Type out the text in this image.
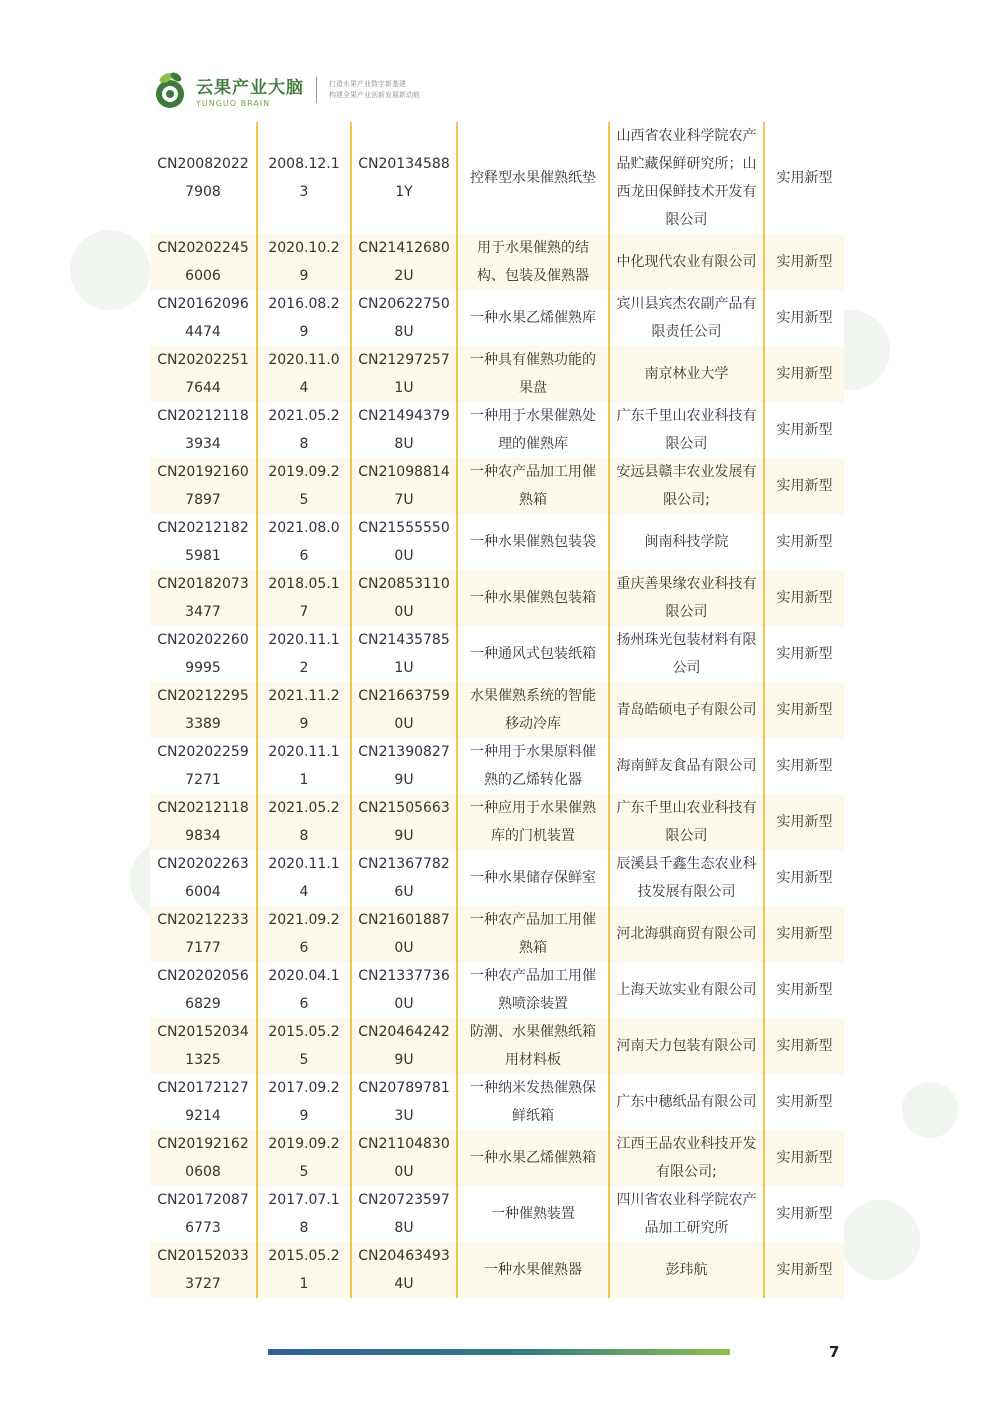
云果产业大脑
YUNGUO BRAIN
打造水果产业数字新基建
构建全果产业创新发展新动能
CN200820227908	2008.12.13	CN201345881Y	控释型水果催熟纸垫	山西省农业科学院农产品贮藏保鲜研究所；山西龙田保鲜技术开发有限公司	实用新型
CN202022456006	2020.10.29	CN214126802U	用于水果催熟的结构、包装及催熟器	中化现代农业有限公司	实用新型
CN201620964474	2016.08.29	CN206227508U	一种水果乙烯催熟库	宾川县宾杰农副产品有限责任公司	实用新型
CN202022517644	2020.11.04	CN212972571U	一种具有催熟功能的果盘	南京林业大学	实用新型
CN202121183934	2021.05.28	CN214943798U	一种用于水果催熟处理的催熟库	广东千里山农业科技有限公司	实用新型
CN201921607897	2019.09.25	CN210988147U	一种农产品加工用催熟箱	安远县赣丰农业发展有限公司;	实用新型
CN202121825981	2021.08.06	CN215555500U	一种水果催熟包装袋	闽南科技学院	实用新型
CN201820733477	2018.05.17	CN208531100U	一种水果催熟包装箱	重庆善果缘农业科技有限公司	实用新型
CN202022609995	2020.11.12	CN214357851U	一种通风式包装纸箱	扬州珠光包装材料有限公司	实用新型
CN202122953389	2021.11.29	CN216637590U	水果催熟系统的智能移动冷库	青岛皓硕电子有限公司	实用新型
CN202022597271	2020.11.11	CN213908279U	一种用于水果原料催熟的乙烯转化器	海南鲜友食品有限公司	实用新型
CN202121189834	2021.05.28	CN215056639U	一种应用于水果催熟库的门机装置	广东千里山农业科技有限公司	实用新型
CN202022636004	2020.11.14	CN213677826U	一种水果储存保鲜室	辰溪县千鑫生态农业科技发展有限公司	实用新型
CN202122337177	2021.09.26	CN216018870U	一种农产品加工用催熟箱	河北海骐商贸有限公司	实用新型
CN202020566829	2020.04.16	CN213377360U	一种农产品加工用催熟喷涂装置	上海天竑实业有限公司	实用新型
CN201520341325	2015.05.25	CN204642429U	防潮、水果催熟纸箱用材料板	河南天力包装有限公司	实用新型
CN201721279214	2017.09.29	CN207897813U	一种纳米发热催熟保鲜纸箱	广东中穗纸品有限公司	实用新型
CN201921620608	2019.09.25	CN211048300U	一种水果乙烯催熟箱	江西王品农业科技开发有限公司;	实用新型
CN201720876773	2017.07.18	CN207235978U	一种催熟装置	四川省农业科学院农产品加工研究所	实用新型
CN201520333727	2015.05.21	CN204634934U	一种水果催熟器	彭玮航	实用新型
7
